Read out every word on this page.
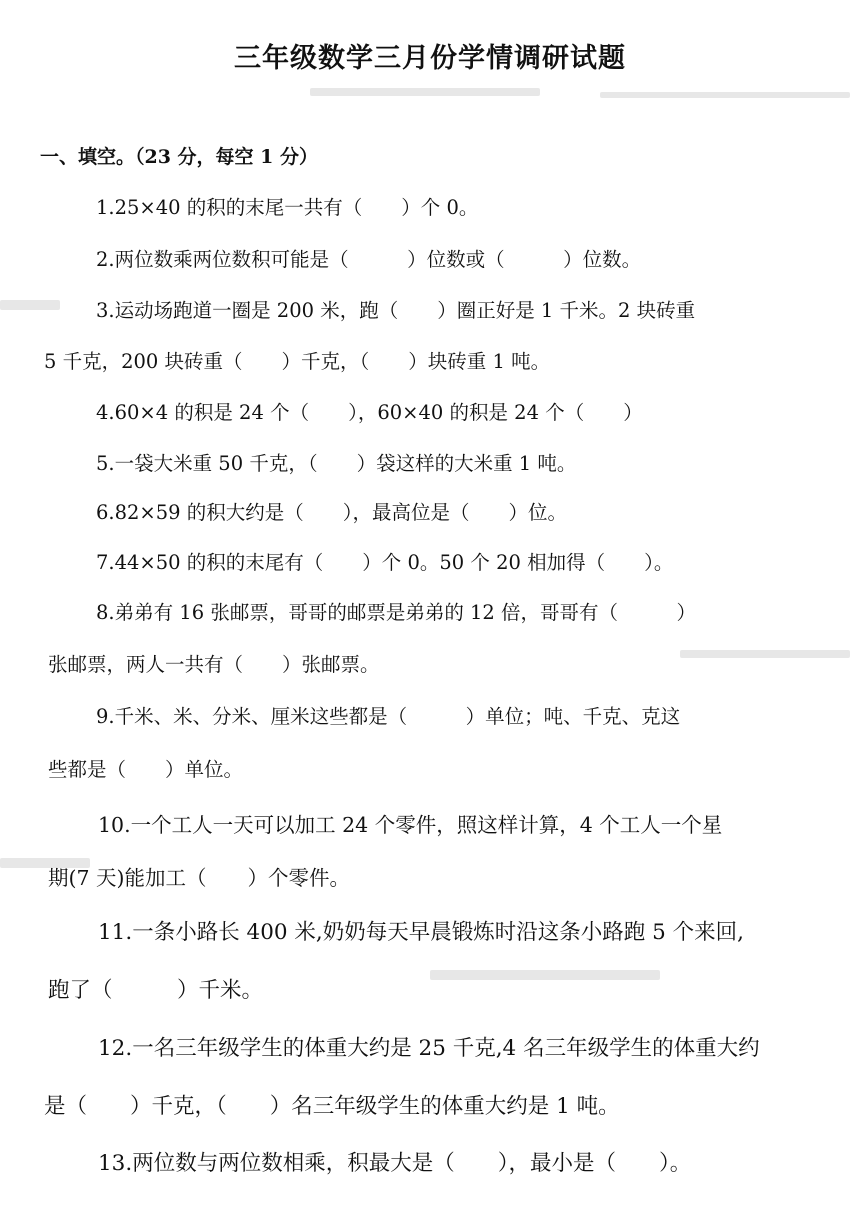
三年级数学三月份学情调研试题
一、填空。（23 分，每空 1 分）
1.25×40 的积的末尾一共有（　　）个 0。
2.两位数乘两位数积可能是（　　　）位数或（　　　）位数。
3.运动场跑道一圈是 200 米，跑（　　）圈正好是 1 千米。2 块砖重
5 千克，200 块砖重（　　）千克，（　　）块砖重 1 吨。
4.60×4 的积是 24 个（　　），60×40 的积是 24 个（　　）
5.一袋大米重 50 千克，（　　）袋这样的大米重 1 吨。
6.82×59 的积大约是（　　），最高位是（　　）位。
7.44×50 的积的末尾有（　　）个 0。50 个 20 相加得（　　）。
8.弟弟有 16 张邮票，哥哥的邮票是弟弟的 12 倍，哥哥有（　　　）
张邮票，两人一共有（　　）张邮票。
9.千米、米、分米、厘米这些都是（　　　）单位；吨、千克、克这
些都是（　　）单位。
10.一个工人一天可以加工 24 个零件，照这样计算，4 个工人一个星
期(7 天)能加工（　　）个零件。
11.一条小路长 400 米,奶奶每天早晨锻炼时沿这条小路跑 5 个来回,
跑了（　　　）千米。
12.一名三年级学生的体重大约是 25 千克,4 名三年级学生的体重大约
是（　　）千克，（　　）名三年级学生的体重大约是 1 吨。
13.两位数与两位数相乘，积最大是（　　），最小是（　　）。
